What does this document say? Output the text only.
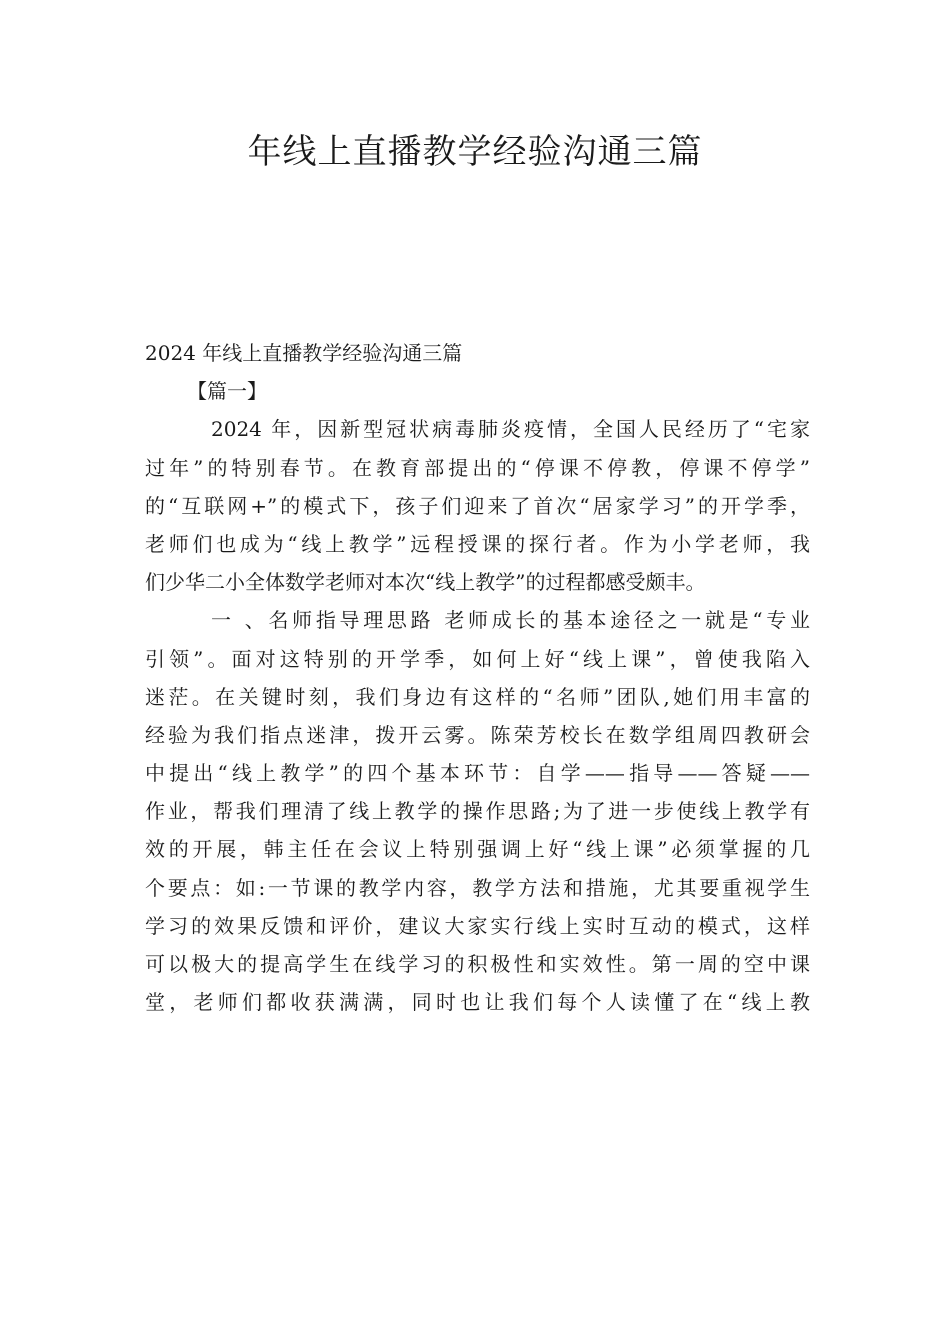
年线上直播教学经验沟通三篇
2024 年线上直播教学经验沟通三篇
【篇一】
2024 年，因新型冠状病毒肺炎疫情，全国人民经历了“宅家
过年”的特别春节。在教育部提出的“停课不停教，停课不停学”
的“互联网+”的模式下，孩子们迎来了首次“居家学习”的开学季，
老师们也成为“线上教学”远程授课的探行者。作为小学老师，我
们少华二小全体数学老师对本次“线上教学”的过程都感受颇丰。
一 、名师指导理思路 老师成长的基本途径之一就是“专业
引领”。面对这特别的开学季，如何上好“线上课”，曾使我陷入
迷茫。在关键时刻，我们身边有这样的“名师”团队,她们用丰富的
经验为我们指点迷津，拨开云雾。陈荣芳校长在数学组周四教研会
中提出“线上教学”的四个基本环节：自学——指导——答疑——
作业，帮我们理清了线上教学的操作思路;为了进一步使线上教学有
效的开展，韩主任在会议上特别强调上好“线上课”必须掌握的几
个要点：如:一节课的教学内容，教学方法和措施，尤其要重视学生
学习的效果反馈和评价，建议大家实行线上实时互动的模式，这样
可以极大的提高学生在线学习的积极性和实效性。第一周的空中课
堂，老师们都收获满满，同时也让我们每个人读懂了在“线上教
